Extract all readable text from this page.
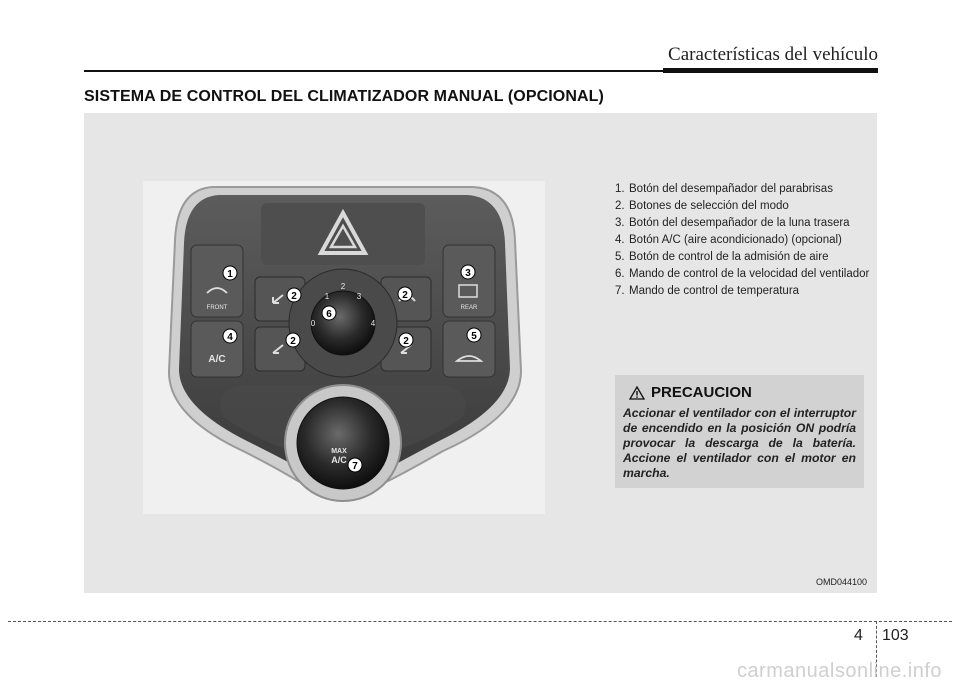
Características del vehículo
SISTEMA DE CONTROL DEL CLIMATIZADOR MANUAL (OPCIONAL)
FRONT	REAR
A/C
MAX
A/C
0
1
2
3
4
1
2	2
2	2
3
4	5
6
7
1. Botón del desempañador del parabrisas
2. Botones de selección del modo
3. Botón del desempañador de la luna trasera
4. Botón A/C (aire acondicionado) (opcional)
5. Botón de control de la admisión de aire
6. Mando de control de la velocidad del ventilador
7. Mando de control de temperatura
PRECAUCION
Accionar el ventilador con el interruptor de encendido en la posición ON podría provocar la descarga de la batería. Accione el ventilador con el motor en marcha.
OMD044100
4 103
carmanualsonline.info
